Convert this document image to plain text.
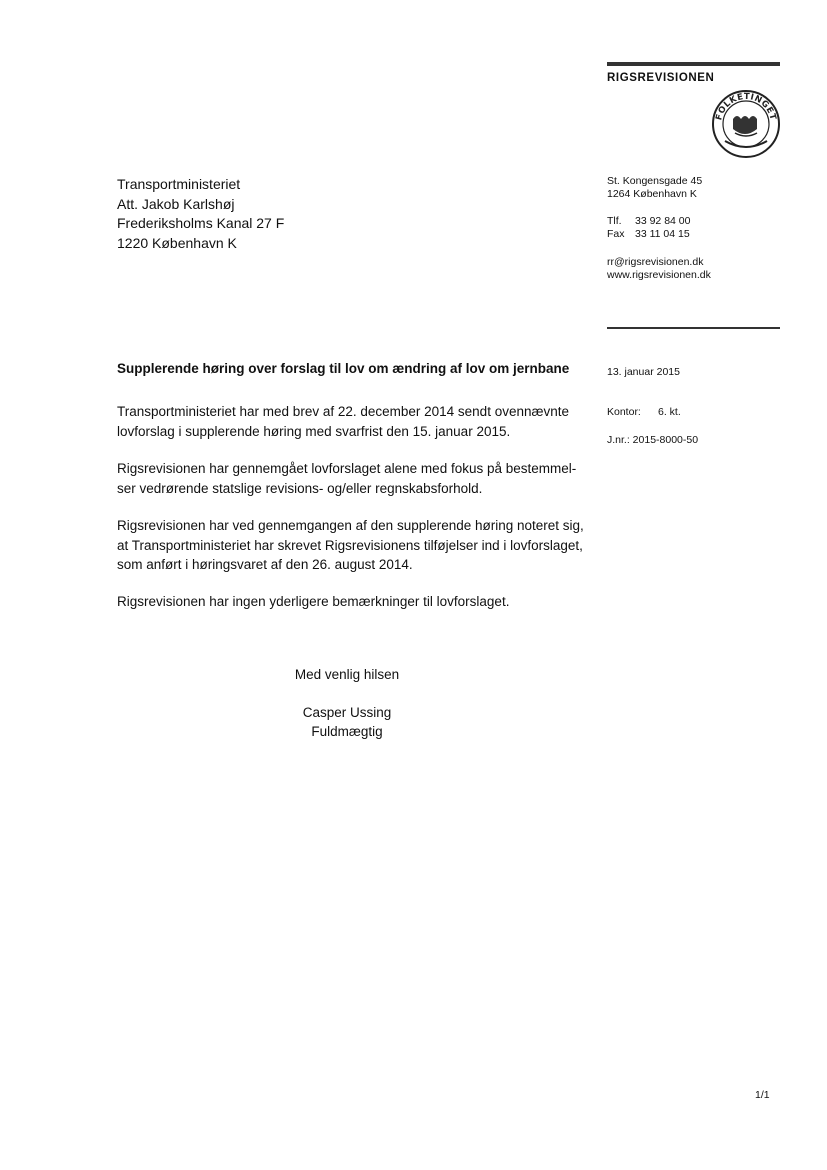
RIGSREVISIONEN
FOLKETINGET
St. Kongensgade 45
1264 København K
Tlf. 33 92 84 00
Fax 33 11 04 15
rr@rigsrevisionen.dk
www.rigsrevisionen.dk
Transportministeriet
Att. Jakob Karlshøj
Frederiksholms Kanal 27 F
1220 København K
13. januar 2015
Kontor: 6. kt.
J.nr.: 2015-8000-50
Supplerende høring over forslag til lov om ændring af lov om jernbane
Transportministeriet har med brev af 22. december 2014 sendt ovennævnte
lovforslag i supplerende høring med svarfrist den 15. januar 2015.
Rigsrevisionen har gennemgået lovforslaget alene med fokus på bestemmel-
ser vedrørende statslige revisions- og/eller regnskabsforhold.
Rigsrevisionen har ved gennemgangen af den supplerende høring noteret sig,
at Transportministeriet har skrevet Rigsrevisionens tilføjelser ind i lovforslaget,
som anført i høringsvaret af den 26. august 2014.
Rigsrevisionen har ingen yderligere bemærkninger til lovforslaget.
Med venlig hilsen
Casper Ussing
Fuldmægtig
1/1
